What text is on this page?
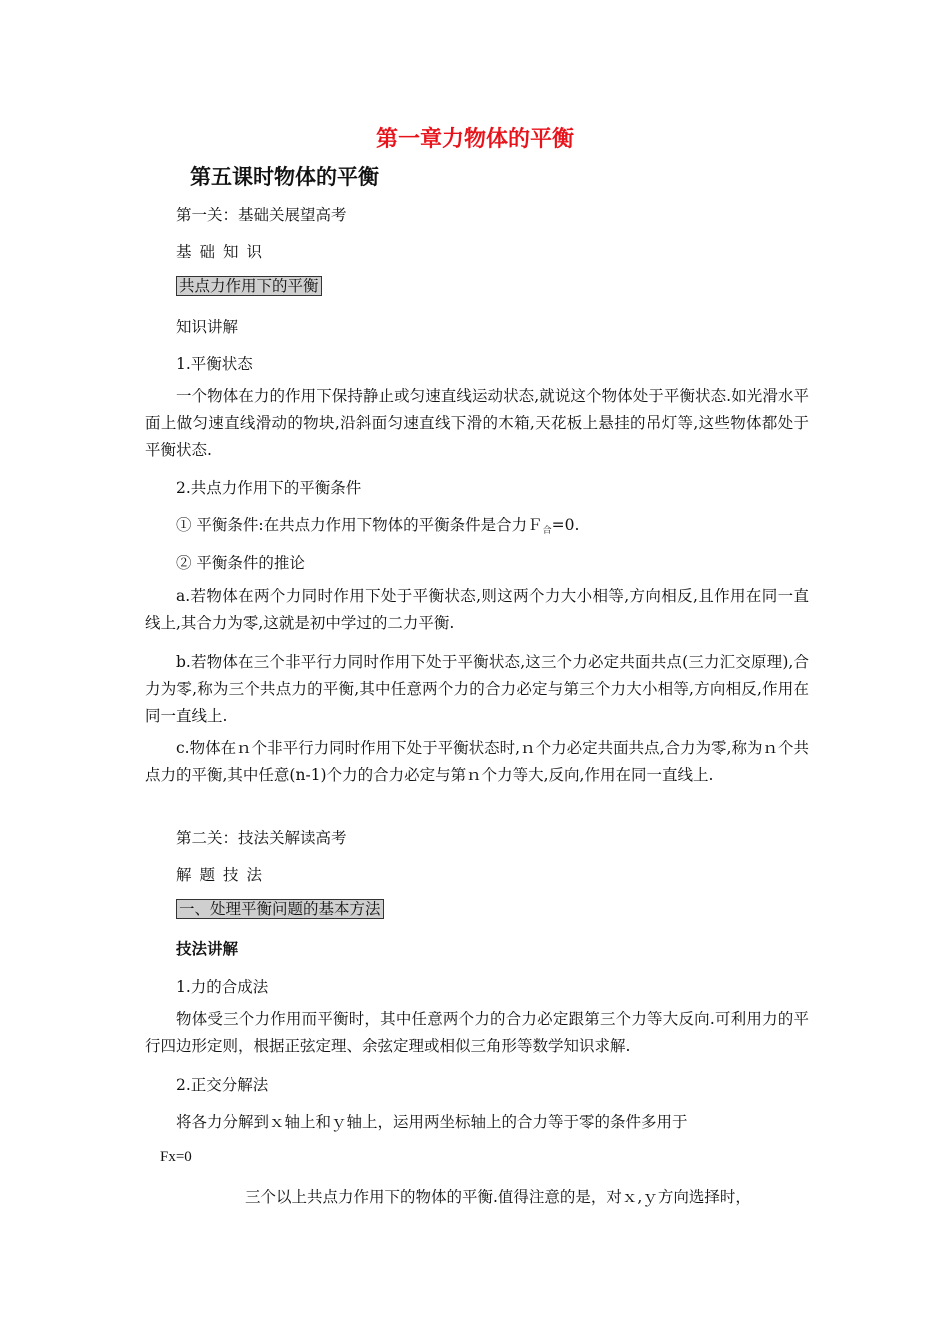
第一章力物体的平衡
第五课时物体的平衡
第一关：基础关展望高考
基础知识
共点力作用下的平衡
知识讲解
1.平衡状态
一个物体在力的作用下保持静止或匀速直线运动状态,就说这个物体处于平衡状态.如光滑水平面上做匀速直线滑动的物块,沿斜面匀速直线下滑的木箱,天花板上悬挂的吊灯等,这些物体都处于平衡状态.
2.共点力作用下的平衡条件
① 平衡条件:在共点力作用下物体的平衡条件是合力Ｆ$_合$=0.
② 平衡条件的推论
a.若物体在两个力同时作用下处于平衡状态,则这两个力大小相等,方向相反,且作用在同一直线上,其合力为零,这就是初中学过的二力平衡.
b.若物体在三个非平行力同时作用下处于平衡状态,这三个力必定共面共点(三力汇交原理),合力为零,称为三个共点力的平衡,其中任意两个力的合力必定与第三个力大小相等,方向相反,作用在同一直线上.
c.物体在ｎ个非平行力同时作用下处于平衡状态时,ｎ个力必定共面共点,合力为零,称为ｎ个共点力的平衡,其中任意(n-1)个力的合力必定与第ｎ个力等大,反向,作用在同一直线上.
第二关：技法关解读高考
解题技法
一、处理平衡问题的基本方法
技法讲解
1.力的合成法
物体受三个力作用而平衡时，其中任意两个力的合力必定跟第三个力等大反向.可利用力的平行四边形定则，根据正弦定理、余弦定理或相似三角形等数学知识求解.
2.正交分解法
将各力分解到ｘ轴上和ｙ轴上，运用两坐标轴上的合力等于零的条件多用于
Fx=0
三个以上共点力作用下的物体的平衡.值得注意的是，对ｘ,ｙ方向选择时，
